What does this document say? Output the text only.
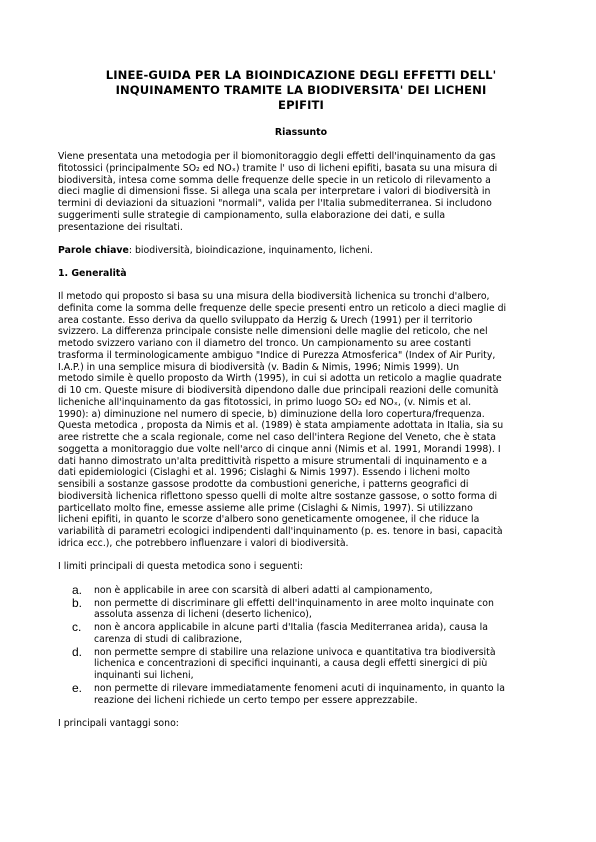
LINEE-GUIDA PER LA BIOINDICAZIONE DEGLI EFFETTI DELL'
INQUINAMENTO TRAMITE LA BIODIVERSITA' DEI LICHENI
EPIFITI
Riassunto

Viene presentata una metodogia per il biomonitoraggio degli effetti dell'inquinamento da gas
fitotossici (principalmente SO₂ ed NOₓ) tramite l' uso di licheni epifiti, basata su una misura di
biodiversità, intesa come somma delle frequenze delle specie in un reticolo di rilevamento a
dieci maglie di dimensioni fisse. Si allega una scala per interpretare i valori di biodiversità in
termini di deviazioni da situazioni "normali", valida per l'Italia submediterranea. Si includono
suggerimenti sulle strategie di campionamento, sulla elaborazione dei dati, e sulla
presentazione dei risultati.

Parole chiave: biodiversità, bioindicazione, inquinamento, licheni.

1. Generalità

Il metodo qui proposto si basa su una misura della biodiversità lichenica su tronchi d'albero,
definita come la somma delle frequenze delle specie presenti entro un reticolo a dieci maglie di
area costante. Esso deriva da quello sviluppato da Herzig & Urech (1991) per il territorio
svizzero. La differenza principale consiste nelle dimensioni delle maglie del reticolo, che nel
metodo svizzero variano con il diametro del tronco. Un campionamento su aree costanti
trasforma il terminologicamente ambiguo "Indice di Purezza Atmosferica" (Index of Air Purity,
I.A.P.) in una semplice misura di biodiversità (v. Badin & Nimis, 1996; Nimis 1999). Un
metodo simile è quello proposto da Wirth (1995), in cui si adotta un reticolo a maglie quadrate
di 10 cm. Queste misure di biodiversità dipendono dalle due principali reazioni delle comunità
licheniche all'inquinamento da gas fitotossici, in primo luogo SO₂ ed NOₓ, (v. Nimis et al.
1990): a) diminuzione nel numero di specie, b) diminuzione della loro copertura/frequenza.
Questa metodica , proposta da Nimis et al. (1989) è stata ampiamente adottata in Italia, sia su
aree ristrette che a scala regionale, come nel caso dell'intera Regione del Veneto, che è stata
soggetta a monitoraggio due volte nell'arco di cinque anni (Nimis et al. 1991, Morandi 1998). I
dati hanno dimostrato un'alta predittività rispetto a misure strumentali di inquinamento e a
dati epidemiologici (Cislaghi et al. 1996; Cislaghi & Nimis 1997). Essendo i licheni molto
sensibili a sostanze gassose prodotte da combustioni generiche, i patterns geografici di
biodiversità lichenica riflettono spesso quelli di molte altre sostanze gassose, o sotto forma di
particellato molto fine, emesse assieme alle prime (Cislaghi & Nimis, 1997). Si utilizzano
licheni epifiti, in quanto le scorze d'albero sono geneticamente omogenee, il che riduce la
variabilità di parametri ecologici indipendenti dall'inquinamento (p. es. tenore in basi, capacità
idrica ecc.), che potrebbero influenzare i valori di biodiversità.

I limiti principali di questa metodica sono i seguenti:

a.	non è applicabile in aree con scarsità di alberi adatti al campionamento,
b.	non permette di discriminare gli effetti dell'inquinamento in aree molto inquinate con
assoluta assenza di licheni (deserto lichenico),
c.	non è ancora applicabile in alcune parti d'Italia (fascia Mediterranea arida), causa la
carenza di studi di calibrazione,
d.	non permette sempre di stabilire una relazione univoca e quantitativa tra biodiversità
lichenica e concentrazioni di specifici inquinanti, a causa degli effetti sinergici di più
inquinanti sui licheni,
e.	non permette di rilevare immediatamente fenomeni acuti di inquinamento, in quanto la
reazione dei licheni richiede un certo tempo per essere apprezzabile.

I principali vantaggi sono:
